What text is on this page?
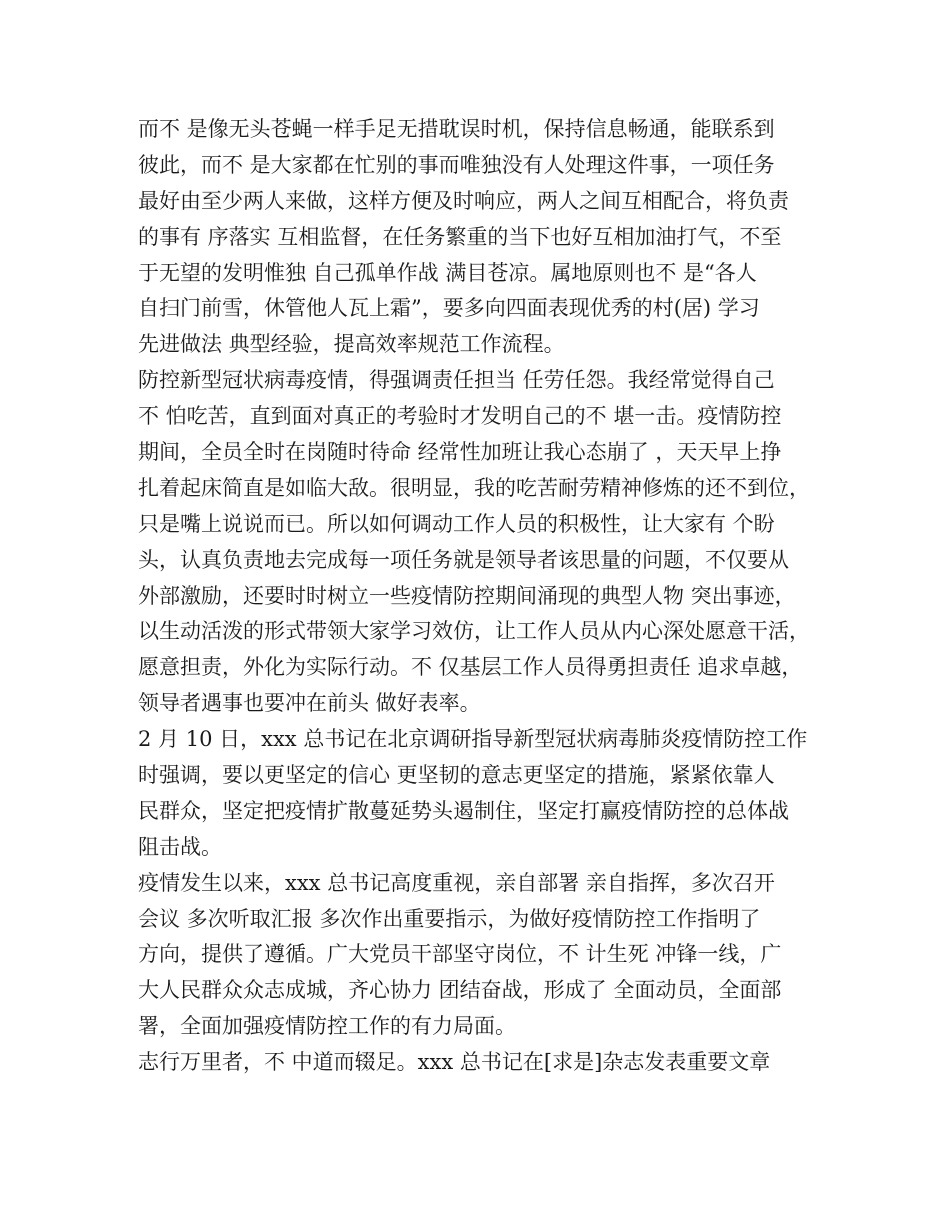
而不 是像无头苍蝇一样手足无措耽误时机，保持信息畅通，能联系到
彼此，而不 是大家都在忙别的事而唯独没有人处理这件事，一项任务
最好由至少两人来做，这样方便及时响应，两人之间互相配合，将负责
的事有 序落实 互相监督，在任务繁重的当下也好互相加油打气，不至
于无望的发明惟独 自己孤单作战 满目苍凉。属地原则也不 是“各人
自扫门前雪，休管他人瓦上霜”，要多向四面表现优秀的村(居) 学习
先进做法 典型经验，提高效率规范工作流程。
防控新型冠状病毒疫情，得强调责任担当 任劳任怨。我经常觉得自己
不 怕吃苦，直到面对真正的考验时才发明自己的不 堪一击。疫情防控
期间，全员全时在岗随时待命 经常性加班让我心态崩了 ，天天早上挣
扎着起床简直是如临大敌。很明显，我的吃苦耐劳精神修炼的还不到位，
只是嘴上说说而已。所以如何调动工作人员的积极性，让大家有 个盼
头，认真负责地去完成每一项任务就是领导者该思量的问题，不仅要从
外部激励，还要时时树立一些疫情防控期间涌现的典型人物 突出事迹，
以生动活泼的形式带领大家学习效仿，让工作人员从内心深处愿意干活，
愿意担责，外化为实际行动。不 仅基层工作人员得勇担责任 追求卓越，
领导者遇事也要冲在前头 做好表率。
2 月 10 日，xxx 总书记在北京调研指导新型冠状病毒肺炎疫情防控工作
时强调，要以更坚定的信心 更坚韧的意志更坚定的措施，紧紧依靠人
民群众，坚定把疫情扩散蔓延势头遏制住，坚定打赢疫情防控的总体战
阻击战。
疫情发生以来，xxx 总书记高度重视，亲自部署 亲自指挥，多次召开
会议 多次听取汇报 多次作出重要指示，为做好疫情防控工作指明了
方向，提供了遵循。广大党员干部坚守岗位，不 计生死 冲锋一线，广
大人民群众众志成城，齐心协力 团结奋战，形成了 全面动员，全面部
署，全面加强疫情防控工作的有力局面。
志行万里者，不 中道而辍足。xxx 总书记在[求是]杂志发表重要文章
